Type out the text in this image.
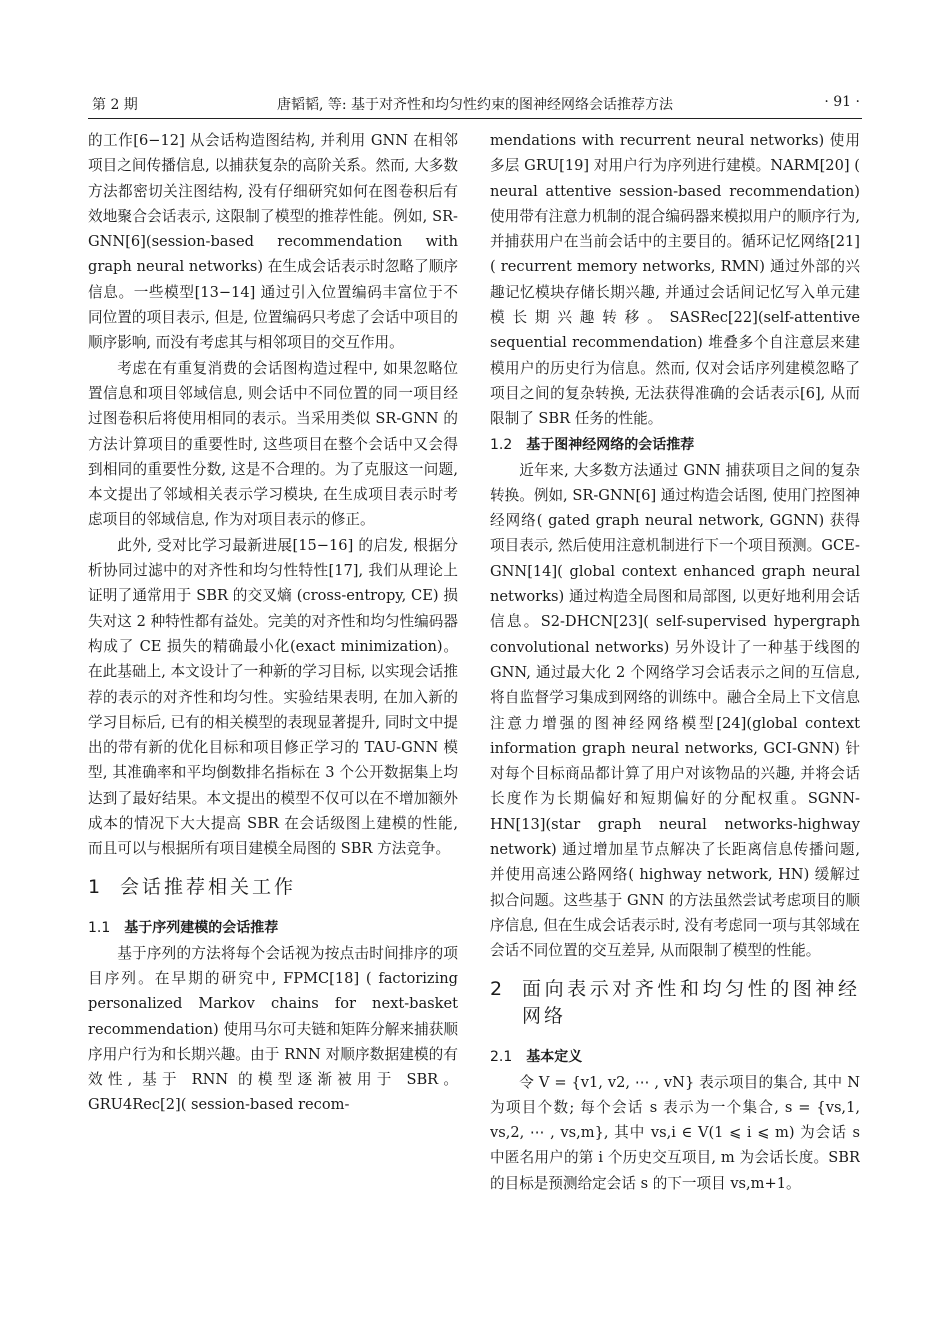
第 2 期	唐韬韬, 等: 基于对齐性和均匀性约束的图神经网络会话推荐方法	· 91 ·

的工作[6−12] 从会话构造图结构, 并利用 GNN 在相邻项目之间传播信息, 以捕获复杂的高阶关系。然而, 大多数方法都密切关注图结构, 没有仔细研究如何在图卷积后有效地聚合会话表示, 这限制了模型的推荐性能。例如, SR-GNN[6](session-based recommendation with graph neural networks) 在生成会话表示时忽略了顺序信息。一些模型[13−14] 通过引入位置编码丰富位于不同位置的项目表示, 但是, 位置编码只考虑了会话中项目的顺序影响, 而没有考虑其与相邻项目的交互作用。

考虑在有重复消费的会话图构造过程中, 如果忽略位置信息和项目邻域信息, 则会话中不同位置的同一项目经过图卷积后将使用相同的表示。当采用类似 SR-GNN 的方法计算项目的重要性时, 这些项目在整个会话中又会得到相同的重要性分数, 这是不合理的。为了克服这一问题, 本文提出了邻域相关表示学习模块, 在生成项目表示时考虑项目的邻域信息, 作为对项目表示的修正。

此外, 受对比学习最新进展[15−16] 的启发, 根据分析协同过滤中的对齐性和均匀性特性[17], 我们从理论上证明了通常用于 SBR 的交叉熵 (cross-entropy, CE) 损失对这 2 种特性都有益处。完美的对齐性和均匀性编码器构成了 CE 损失的精确最小化(exact minimization)。在此基础上, 本文设计了一种新的学习目标, 以实现会话推荐的表示的对齐性和均匀性。实验结果表明, 在加入新的学习目标后, 已有的相关模型的表现显著提升, 同时文中提出的带有新的优化目标和项目修正学习的 TAU-GNN 模型, 其准确率和平均倒数排名指标在 3 个公开数据集上均达到了最好结果。本文提出的模型不仅可以在不增加额外成本的情况下大大提高 SBR 在会话级图上建模的性能, 而且可以与根据所有项目建模全局图的 SBR 方法竞争。

1 会话推荐相关工作
1.1 基于序列建模的会话推荐

基于序列的方法将每个会话视为按点击时间排序的项目序列。在早期的研究中, FPMC[18] ( factorizing personalized Markov chains for next-basket recommendation) 使用马尔可夫链和矩阵分解来捕获顺序用户行为和长期兴趣。由于 RNN 对顺序数据建模的有效性, 基于 RNN 的模型逐渐被用于 SBR。GRU4Rec[2]( session-based recom-

mendations with recurrent neural networks) 使用多层 GRU[19] 对用户行为序列进行建模。NARM[20] ( neural attentive session-based recommendation) 使用带有注意力机制的混合编码器来模拟用户的顺序行为, 并捕获用户在当前会话中的主要目的。循环记忆网络[21]( recurrent memory networks, RMN) 通过外部的兴趣记忆模块存储长期兴趣, 并通过会话间记忆写入单元建模长期兴趣转移。SASRec[22](self-attentive sequential recommendation) 堆叠多个自注意层来建模用户的历史行为信息。然而, 仅对会话序列建模忽略了项目之间的复杂转换, 无法获得准确的会话表示[6], 从而限制了 SBR 任务的性能。

1.2 基于图神经网络的会话推荐

近年来, 大多数方法通过 GNN 捕获项目之间的复杂转换。例如, SR-GNN[6] 通过构造会话图, 使用门控图神经网络( gated graph neural network, GGNN) 获得项目表示, 然后使用注意机制进行下一个项目预测。GCE-GNN[14]( global context enhanced graph neural networks) 通过构造全局图和局部图, 以更好地利用会话信息。S2-DHCN[23]( self-supervised hypergraph convolutional networks) 另外设计了一种基于线图的 GNN, 通过最大化 2 个网络学习会话表示之间的互信息, 将自监督学习集成到网络的训练中。融合全局上下文信息注意力增强的图神经网络模型[24](global context information graph neural networks, GCI-GNN) 针对每个目标商品都计算了用户对该物品的兴趣, 并将会话长度作为长期偏好和短期偏好的分配权重。SGNN-HN[13](star graph neural networks-highway network) 通过增加星节点解决了长距离信息传播问题, 并使用高速公路网络( highway network, HN) 缓解过拟合问题。这些基于 GNN 的方法虽然尝试考虑项目的顺序信息, 但在生成会话表示时, 没有考虑同一项与其邻域在会话不同位置的交互差异, 从而限制了模型的性能。

2 面向表示对齐性和均匀性的图神经网络
2.1 基本定义

令 V = {v1, v2, ⋯ , vN} 表示项目的集合, 其中 N 为项目个数; 每个会话 s 表示为一个集合, s = {vs,1, vs,2, ⋯ , vs,m}, 其中 vs,i ∈ V(1 ⩽ i ⩽ m) 为会话 s 中匿名用户的第 i 个历史交互项目, m 为会话长度。SBR 的目标是预测给定会话 s 的下一项目 vs,m+1。
